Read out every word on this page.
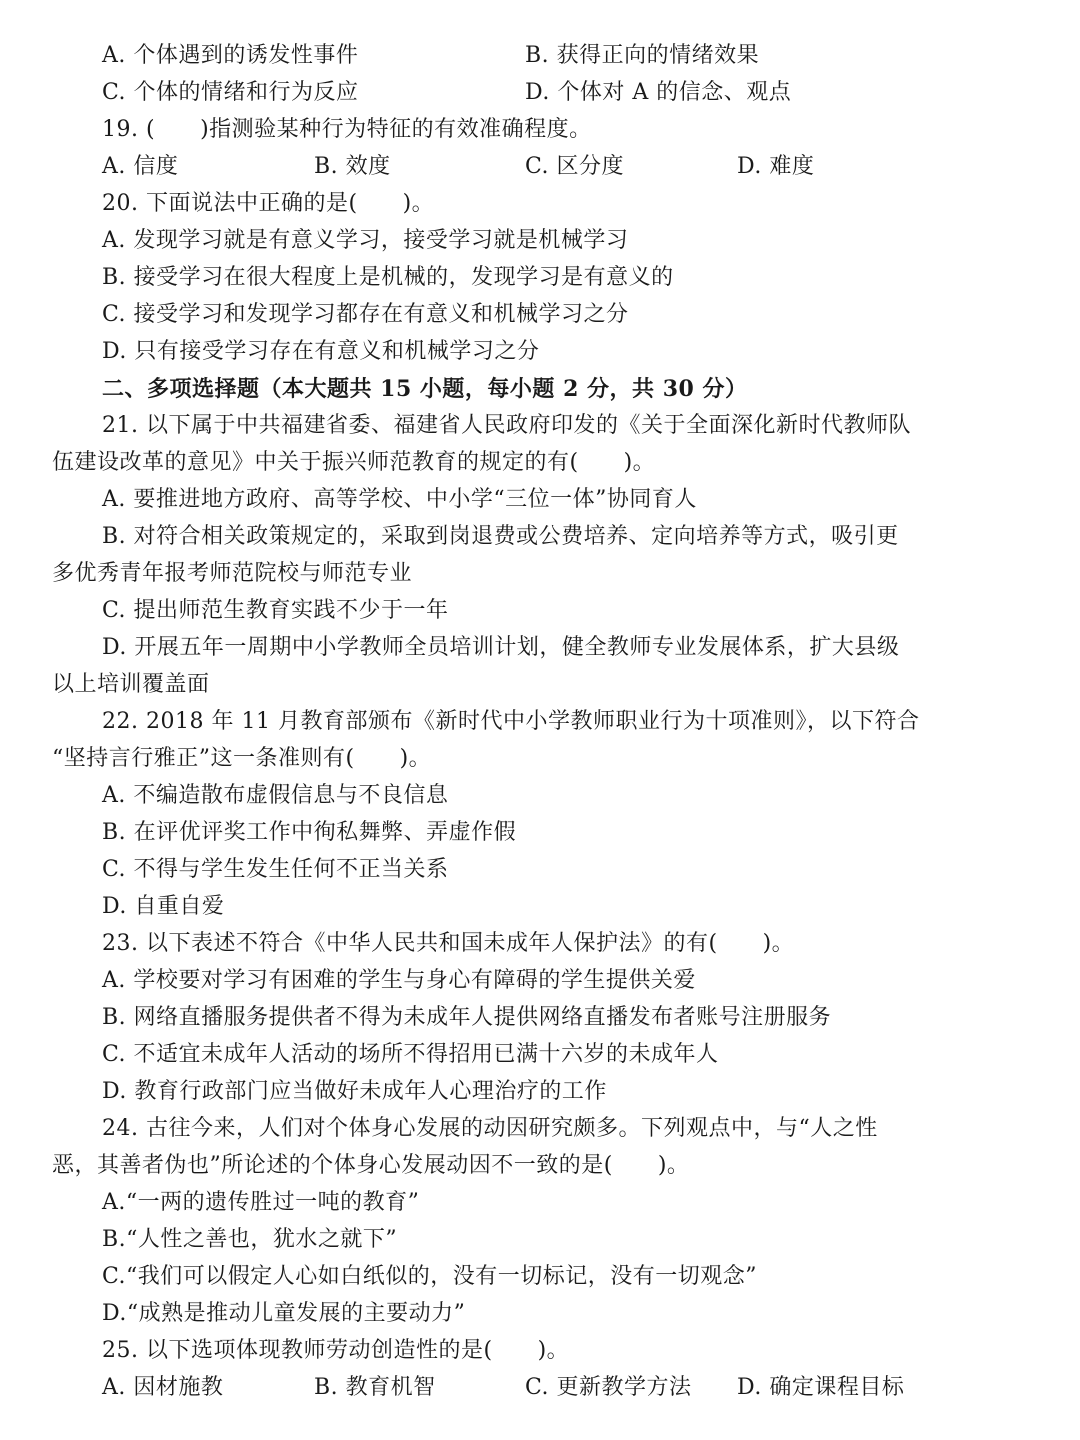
A. 个体遇到的诱发性事件	B. 获得正向的情绪效果
C. 个体的情绪和行为反应	D. 个体对 A 的信念、观点
19. (　　)指测验某种行为特征的有效准确程度。
A. 信度	B. 效度	C. 区分度	D. 难度
20. 下面说法中正确的是(　　)。
A. 发现学习就是有意义学习，接受学习就是机械学习
B. 接受学习在很大程度上是机械的，发现学习是有意义的
C. 接受学习和发现学习都存在有意义和机械学习之分
D. 只有接受学习存在有意义和机械学习之分
二、多项选择题（本大题共 15 小题，每小题 2 分，共 30 分）
21. 以下属于中共福建省委、福建省人民政府印发的《关于全面深化新时代教师队
伍建设改革的意见》中关于振兴师范教育的规定的有(　　)。
A. 要推进地方政府、高等学校、中小学“三位一体”协同育人
B. 对符合相关政策规定的，采取到岗退费或公费培养、定向培养等方式，吸引更
多优秀青年报考师范院校与师范专业
C. 提出师范生教育实践不少于一年
D. 开展五年一周期中小学教师全员培训计划，健全教师专业发展体系，扩大县级
以上培训覆盖面
22. 2018 年 11 月教育部颁布《新时代中小学教师职业行为十项准则》，以下符合
“坚持言行雅正”这一条准则有(　　)。
A. 不编造散布虚假信息与不良信息
B. 在评优评奖工作中徇私舞弊、弄虚作假
C. 不得与学生发生任何不正当关系
D. 自重自爱
23. 以下表述不符合《中华人民共和国未成年人保护法》的有(　　)。
A. 学校要对学习有困难的学生与身心有障碍的学生提供关爱
B. 网络直播服务提供者不得为未成年人提供网络直播发布者账号注册服务
C. 不适宜未成年人活动的场所不得招用已满十六岁的未成年人
D. 教育行政部门应当做好未成年人心理治疗的工作
24. 古往今来，人们对个体身心发展的动因研究颇多。下列观点中，与“人之性
恶，其善者伪也”所论述的个体身心发展动因不一致的是(　　)。
A.“一两的遗传胜过一吨的教育”
B.“人性之善也，犹水之就下”
C.“我们可以假定人心如白纸似的，没有一切标记，没有一切观念”
D.“成熟是推动儿童发展的主要动力”
25. 以下选项体现教师劳动创造性的是(　　)。
A. 因材施教	B. 教育机智	C. 更新教学方法 D. 确定课程目标
